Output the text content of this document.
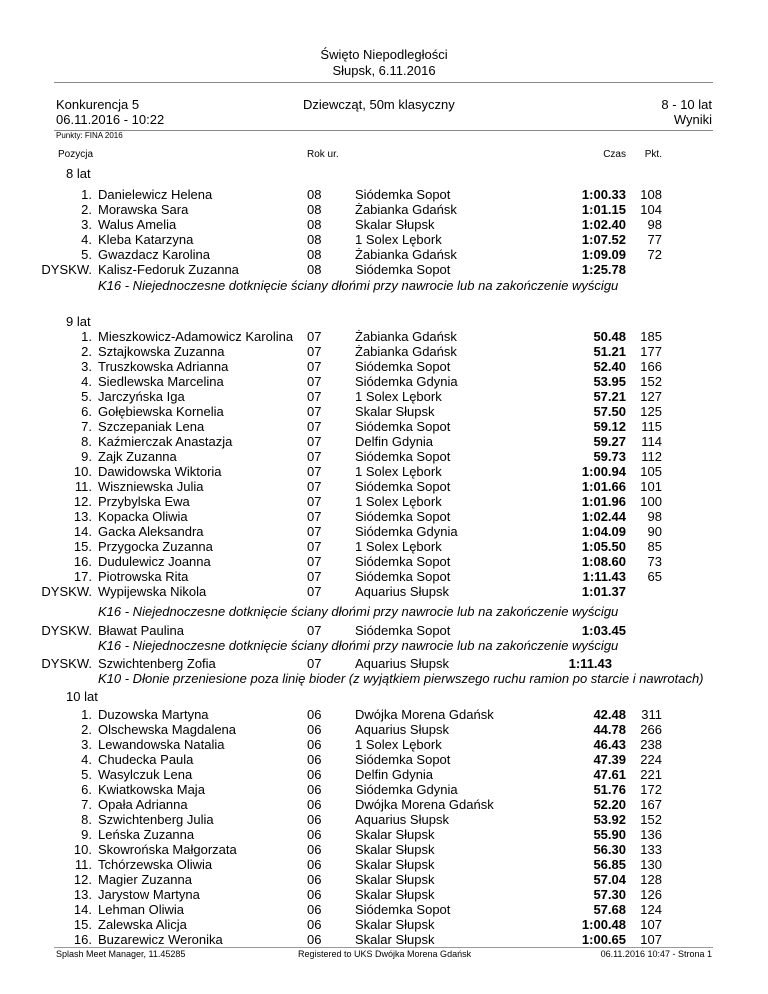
Święto Niepodległości
Słupsk, 6.11.2016
Konkurencja 5
06.11.2016 - 10:22
Dziewcząt, 50m klasyczny	8 - 10 lat
Wyniki
Punkty: FINA 2016
Pozycja	Rok ur.	Czas Pkt.
8 lat
1. Danielewicz Helena	08	Siódemka Sopot	1:00.33 108
2. Morawska Sara	08	Żabianka Gdańsk	1:01.15 104
3. Walus Amelia	08	Skalar Słupsk	1:02.40 98
4. Kleba Katarzyna	08	1 Solex Lębork	1:07.52 77
5. Gwazdacz Karolina	08	Żabianka Gdańsk	1:09.09 72
DYSKW. Kalisz-Fedoruk Zuzanna	08	Siódemka Sopot	1:25.78
K16 - Niejednoczesne dotknięcie ściany dłońmi przy nawrocie lub na zakończenie wyścigu
9 lat
1. Mieszkowicz-Adamowicz Karolina 07	Żabianka Gdańsk	50.48 185
2. Sztajkowska Zuzanna	07	Żabianka Gdańsk	51.21 177
3. Truszkowska Adrianna	07	Siódemka Sopot	52.40 166
4. Siedlewska Marcelina	07	Siódemka Gdynia	53.95 152
5. Jarczyńska Iga	07	1 Solex Lębork	57.21 127
6. Gołębiewska Kornelia	07	Skalar Słupsk	57.50 125
7. Szczepaniak Lena	07	Siódemka Sopot	59.12 115
8. Kaźmierczak Anastazja	07	Delfin Gdynia	59.27 114
9. Zajk Zuzanna	07	Siódemka Sopot	59.73 112
10. Dawidowska Wiktoria	07	1 Solex Lębork	1:00.94 105
11. Wiszniewska Julia	07	Siódemka Sopot	1:01.66 101
12. Przybylska Ewa	07	1 Solex Lębork	1:01.96 100
13. Kopacka Oliwia	07	Siódemka Sopot	1:02.44 98
14. Gacka Aleksandra	07	Siódemka Gdynia	1:04.09 90
15. Przygocka Zuzanna	07	1 Solex Lębork	1:05.50 85
16. Dudulewicz Joanna	07	Siódemka Sopot	1:08.60 73
17. Piotrowska Rita	07	Siódemka Sopot	1:11.43 65
DYSKW. Wypijewska Nikola	07	Aquarius Słupsk	1:01.37
K16 - Niejednoczesne dotknięcie ściany dłońmi przy nawrocie lub na zakończenie wyścigu
DYSKW. Bławat Paulina	07	Siódemka Sopot	1:03.45
K16 - Niejednoczesne dotknięcie ściany dłońmi przy nawrocie lub na zakończenie wyścigu
DYSKW. Szwichtenberg Zofia	07	Aquarius Słupsk	1:11.43
K10 - Dłonie przeniesione poza linię bioder (z wyjątkiem pierwszego ruchu ramion po starcie i nawrotach)
10 lat
1. Duzowska Martyna	06	Dwójka Morena Gdańsk	42.48 311
2. Olschewska Magdalena	06	Aquarius Słupsk	44.78 266
3. Lewandowska Natalia	06	1 Solex Lębork	46.43 238
4. Chudecka Paula	06	Siódemka Sopot	47.39 224
5. Wasylczuk Lena	06	Delfin Gdynia	47.61 221
6. Kwiatkowska Maja	06	Siódemka Gdynia	51.76 172
7. Opała Adrianna	06	Dwójka Morena Gdańsk	52.20 167
8. Szwichtenberg Julia	06	Aquarius Słupsk	53.92 152
9. Leńska Zuzanna	06	Skalar Słupsk	55.90 136
10. Skowrońska Małgorzata	06	Skalar Słupsk	56.30 133
11. Tchórzewska Oliwia	06	Skalar Słupsk	56.85 130
12. Magier Zuzanna	06	Skalar Słupsk	57.04 128
13. Jarystow Martyna	06	Skalar Słupsk	57.30 126
14. Lehman Oliwia	06	Siódemka Sopot	57.68 124
15. Zalewska Alicja	06	Skalar Słupsk	1:00.48 107
16. Buzarewicz Weronika	06	Skalar Słupsk	1:00.65 107
Splash Meet Manager, 11.45285	Registered to UKS Dwójka Morena Gdańsk	06.11.2016 10:47 - Strona 1
